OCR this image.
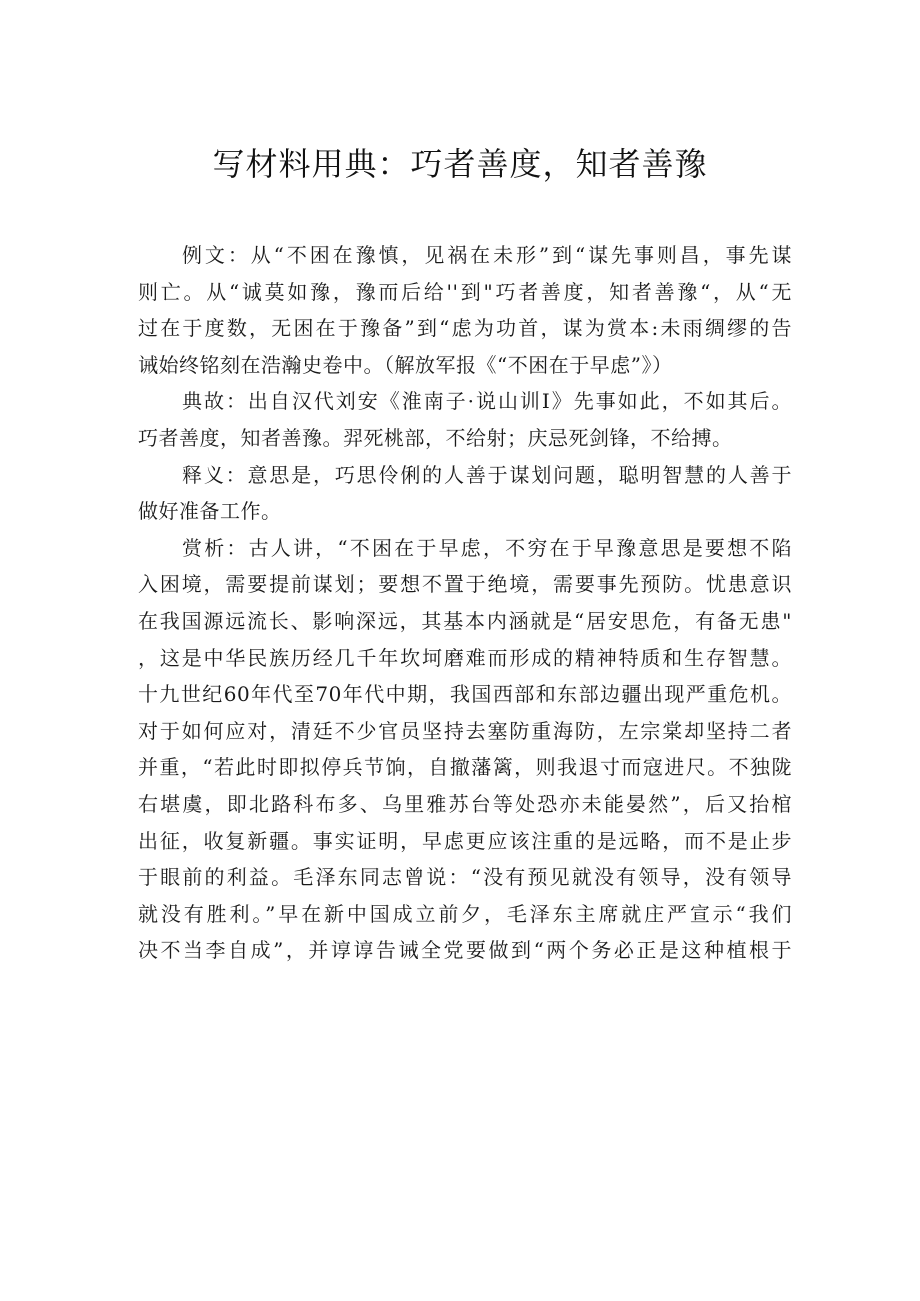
写材料用典：巧者善度，知者善豫
例文：从“不困在豫慎，见祸在未形”到“谋先事则昌，事先谋
则亡。从“诚莫如豫，豫而后给''到"巧者善度，知者善豫“，从“无
过在于度数，无困在于豫备”到“虑为功首，谋为赏本:未雨绸缪的告
诫始终铭刻在浩瀚史卷中。（解放军报《“不困在于早虑”》）
典故：出自汉代刘安《淮南子·说山训I》先事如此，不如其后。
巧者善度，知者善豫。羿死桃部，不给射；庆忌死剑锋，不给搏。
释义：意思是，巧思伶俐的人善于谋划问题，聪明智慧的人善于
做好准备工作。
赏析：古人讲，“不困在于早虑，不穷在于早豫意思是要想不陷
入困境，需要提前谋划；要想不置于绝境，需要事先预防。忧患意识
在我国源远流长、影响深远，其基本内涵就是“居安思危，有备无患"
，这是中华民族历经几千年坎坷磨难而形成的精神特质和生存智慧。
十九世纪60年代至70年代中期，我国西部和东部边疆出现严重危机。
对于如何应对，清廷不少官员坚持去塞防重海防，左宗棠却坚持二者
并重，“若此时即拟停兵节饷，自撤藩篱，则我退寸而寇进尺。不独陇
右堪虞，即北路科布多、乌里雅苏台等处恐亦未能晏然”，后又抬棺
出征，收复新疆。事实证明，早虑更应该注重的是远略，而不是止步
于眼前的利益。毛泽东同志曾说：“没有预见就没有领导，没有领导
就没有胜利。”早在新中国成立前夕，毛泽东主席就庄严宣示“我们
决不当李自成”，并谆谆告诫全党要做到“两个务必正是这种植根于
